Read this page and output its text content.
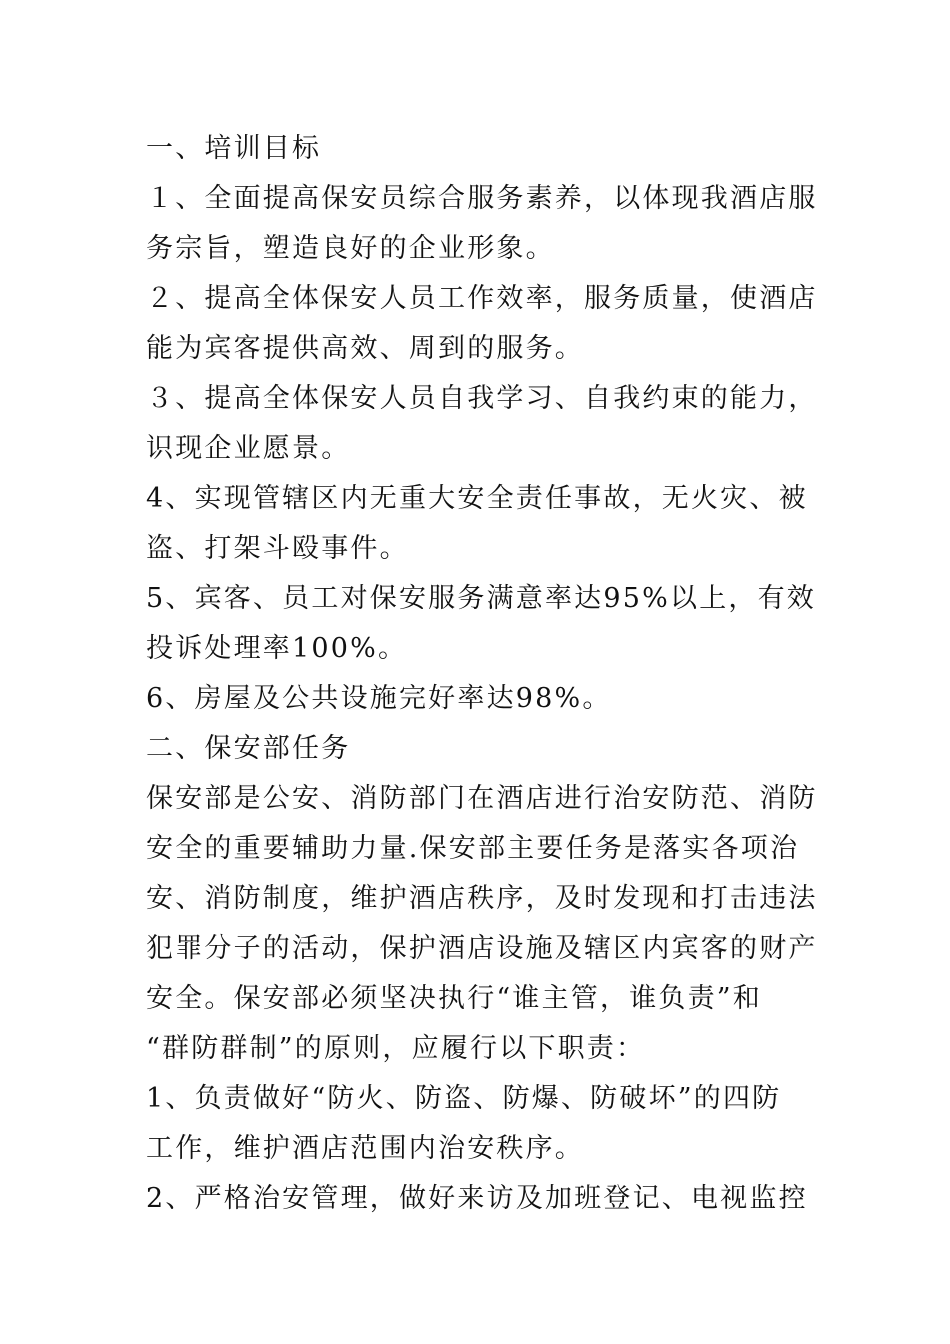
一、培训目标
１、全面提高保安员综合服务素养，以体现我酒店服
务宗旨，塑造良好的企业形象。
２、提高全体保安人员工作效率，服务质量，使酒店
能为宾客提供高效、周到的服务。
３、提高全体保安人员自我学习、自我约束的能力，
识现企业愿景。
4、实现管辖区内无重大安全责任事故，无火灾、被
盗、打架斗殴事件。
5、宾客、员工对保安服务满意率达95%以上，有效
投诉处理率100%。
6、房屋及公共设施完好率达98%。
二、保安部任务
保安部是公安、消防部门在酒店进行治安防范、消防
安全的重要辅助力量.保安部主要任务是落实各项治
安、消防制度，维护酒店秩序，及时发现和打击违法
犯罪分子的活动，保护酒店设施及辖区内宾客的财产
安全。保安部必须坚决执行“谁主管，谁负责”和
“群防群制”的原则，应履行以下职责：
1、负责做好“防火、防盗、防爆、防破坏”的四防
工作，维护酒店范围内治安秩序。
2、严格治安管理，做好来访及加班登记、电视监控
